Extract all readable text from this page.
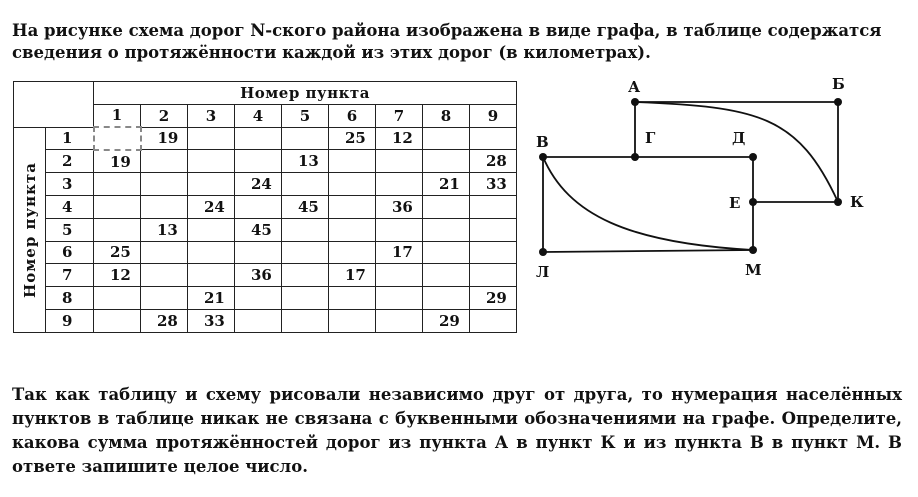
На рисунке схема дорог N-ского района изображена в виде графа, в таблице содержатся сведения о протяжённости каждой из этих дорог (в километрах).

		Номер пункта								
		1	2	3	4	5	6	7	8	9

Номер пункта	1		19				25	12		
	2	19				13				28
	3				24				21	33
	4			24		45		36		
	5		13		45					
	6	25						17		
	7	12			36		17			
	8			21						29
	9		28	33					29	
А	Б
В	Г	Д
Е	К
Л	М

Так как таблицу и схему рисовали независимо друг от друга, то нумерация населённых пунктов в таблице никак не связана с буквенными обозначениями на графе. Определите, какова сумма протяжённостей дорог из пункта А в пункт К и из пункта В в пункт М. В ответе запишите целое число.
